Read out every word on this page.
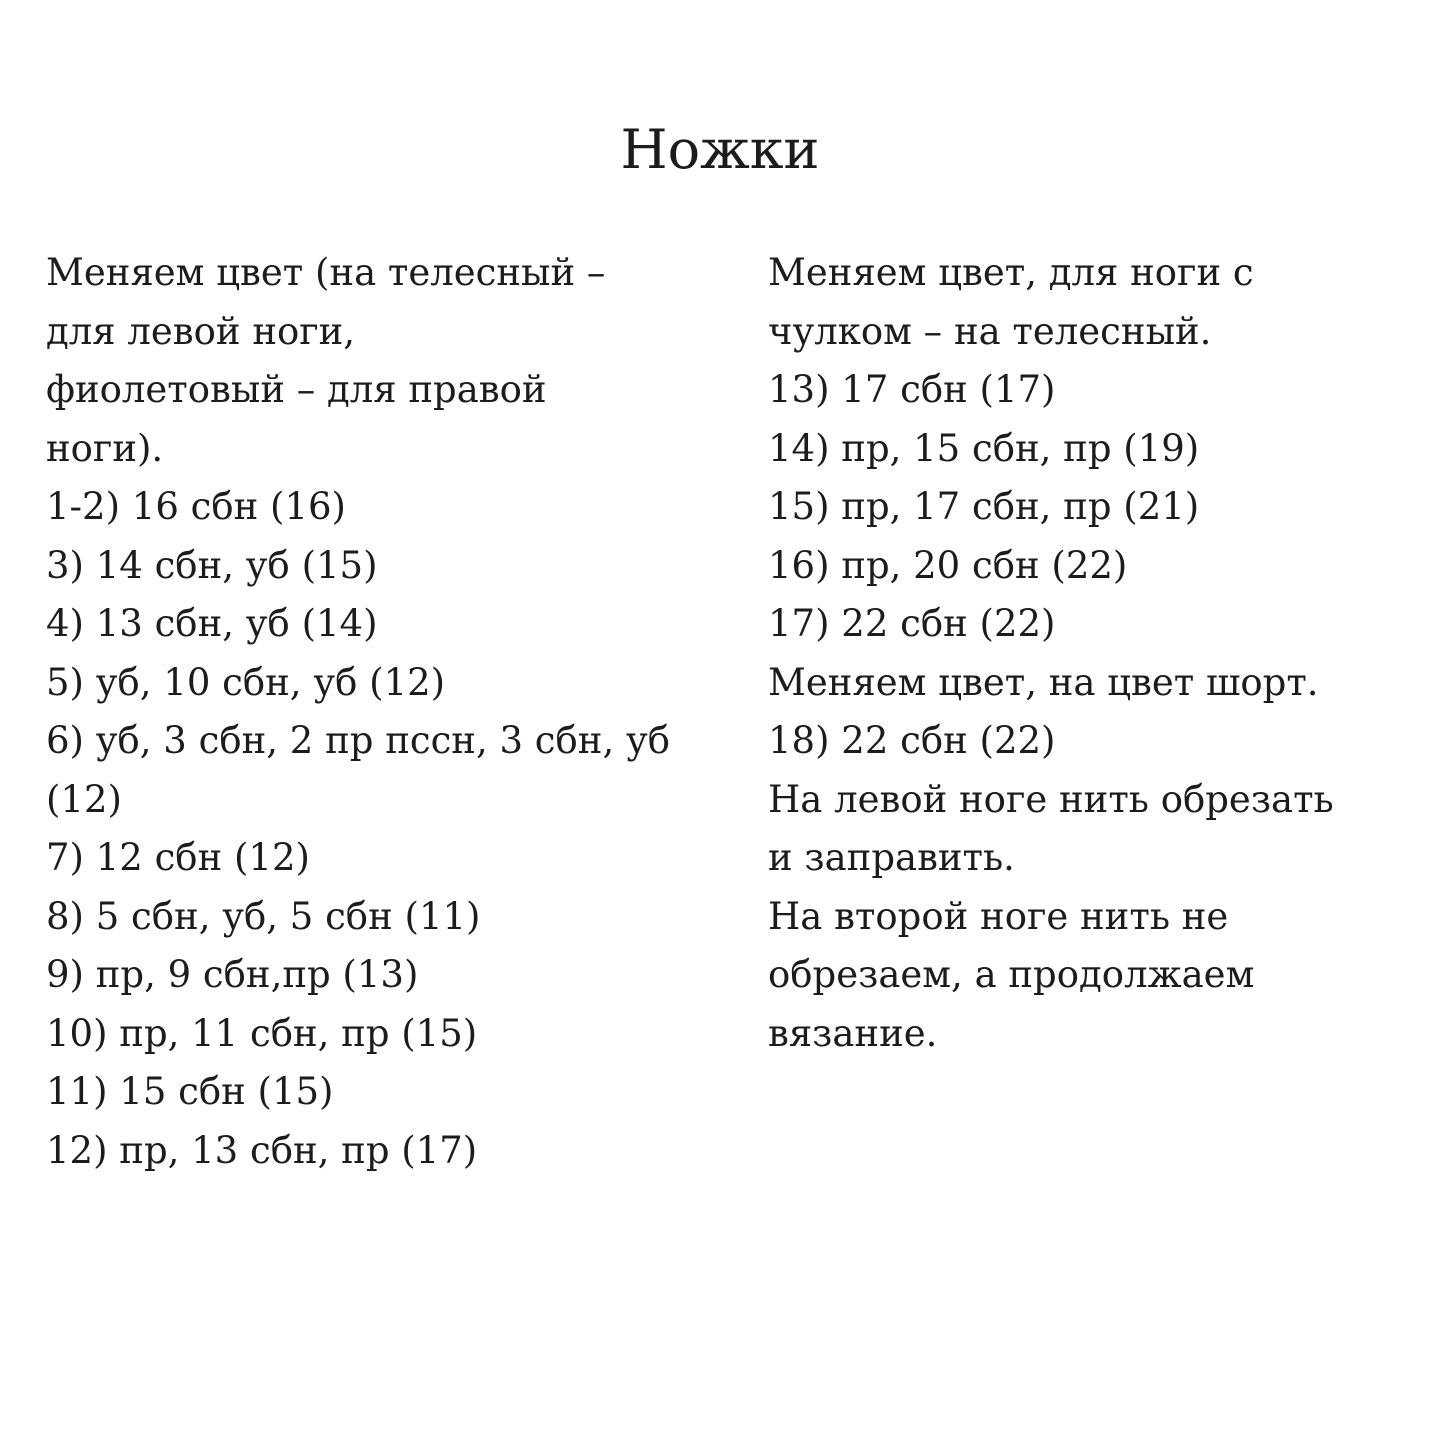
Ножки
Меняем цвет (на телесный –
для левой ноги,
фиолетовый – для правой
ноги).
1-2) 16 сбн (16)
3) 14 сбн, уб (15)
4) 13 сбн, уб (14)
5) уб, 10 сбн, уб (12)
6) уб, 3 сбн, 2 пр пссн, 3 сбн, уб
(12)
7) 12 сбн (12)
8) 5 сбн, уб, 5 сбн (11)
9) пр, 9 сбн,пр (13)
10) пр, 11 сбн, пр (15)
11) 15 сбн (15)
12) пр, 13 сбн, пр (17)
Меняем цвет, для ноги с
чулком – на телесный.
13) 17 сбн (17)
14) пр, 15 сбн, пр (19)
15) пр, 17 сбн, пр (21)
16) пр, 20 сбн (22)
17) 22 сбн (22)
Меняем цвет, на цвет шорт.
18) 22 сбн (22)
На левой ноге нить обрезать
и заправить.
На второй ноге нить не
обрезаем, а продолжаем
вязание.
